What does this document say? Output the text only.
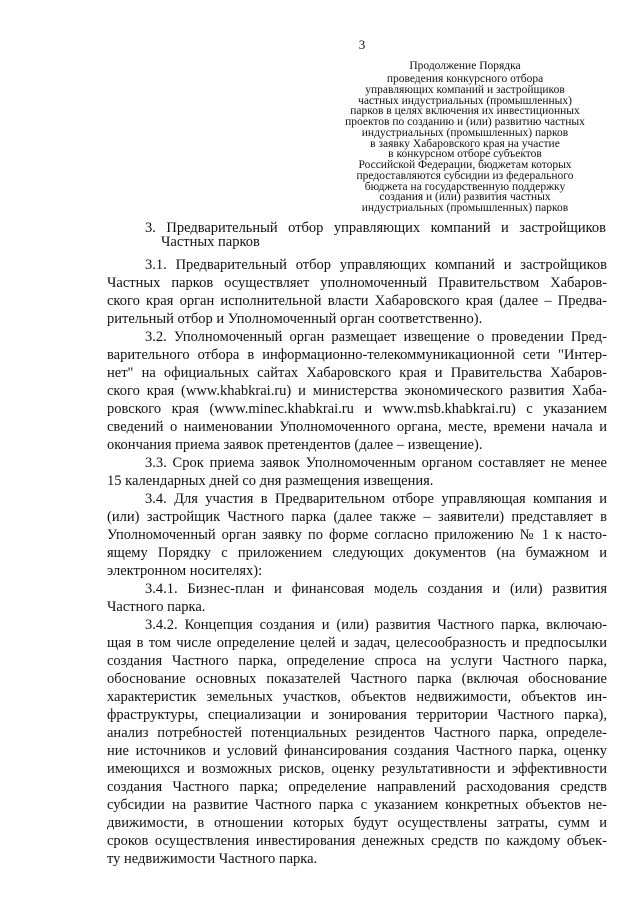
3
Продолжение Порядка
проведения конкурсного отбора
управляющих компаний и застройщиков
частных индустриальных (промышленных)
парков в целях включения их инвестиционных
проектов по созданию и (или) развитию частных
индустриальных (промышленных) парков
в заявку Хабаровского края на участие
в конкурсном отборе субъектов
Российской Федерации, бюджетам которых
предоставляются субсидии из федерального
бюджета на государственную поддержку
создания и (или) развития частных
индустриальных (промышленных) парков
3. Предварительный отбор управляющих компаний и застройщиков
Частных парков
3.1. Предварительный отбор управляющих компаний и застройщиков
Частных парков осуществляет уполномоченный Правительством Хабаров-
ского края орган исполнительной власти Хабаровского края (далее – Предва-
рительный отбор и Уполномоченный орган соответственно).
3.2. Уполномоченный орган размещает извещение о проведении Пред-
варительного отбора в информационно-телекоммуникационной сети "Интер-
нет" на официальных сайтах Хабаровского края и Правительства Хабаров-
ского края (www.khabkrai.ru) и министерства экономического развития Хаба-
ровского края (www.minec.khabkrai.ru и www.msb.khabkrai.ru) с указанием
сведений о наименовании Уполномоченного органа, месте, времени начала и
окончания приема заявок претендентов (далее – извещение).
3.3. Срок приема заявок Уполномоченным органом составляет не менее
15 календарных дней со дня размещения извещения.
3.4. Для участия в Предварительном отборе управляющая компания и
(или) застройщик Частного парка (далее также – заявители) представляет в
Уполномоченный орган заявку по форме согласно приложению № 1 к насто-
ящему Порядку с приложением следующих документов (на бумажном и
электронном носителях):
3.4.1. Бизнес-план и финансовая модель создания и (или) развития
Частного парка.
3.4.2. Концепция создания и (или) развития Частного парка, включаю-
щая в том числе определение целей и задач, целесообразность и предпосылки
создания Частного парка, определение спроса на услуги Частного парка,
обоснование основных показателей Частного парка (включая обоснование
характеристик земельных участков, объектов недвижимости, объектов ин-
фраструктуры, специализации и зонирования территории Частного парка),
анализ потребностей потенциальных резидентов Частного парка, определе-
ние источников и условий финансирования создания Частного парка, оценку
имеющихся и возможных рисков, оценку результативности и эффективности
создания Частного парка; определение направлений расходования средств
субсидии на развитие Частного парка с указанием конкретных объектов не-
движимости, в отношении которых будут осуществлены затраты, сумм и
сроков осуществления инвестирования денежных средств по каждому объек-
ту недвижимости Частного парка.
